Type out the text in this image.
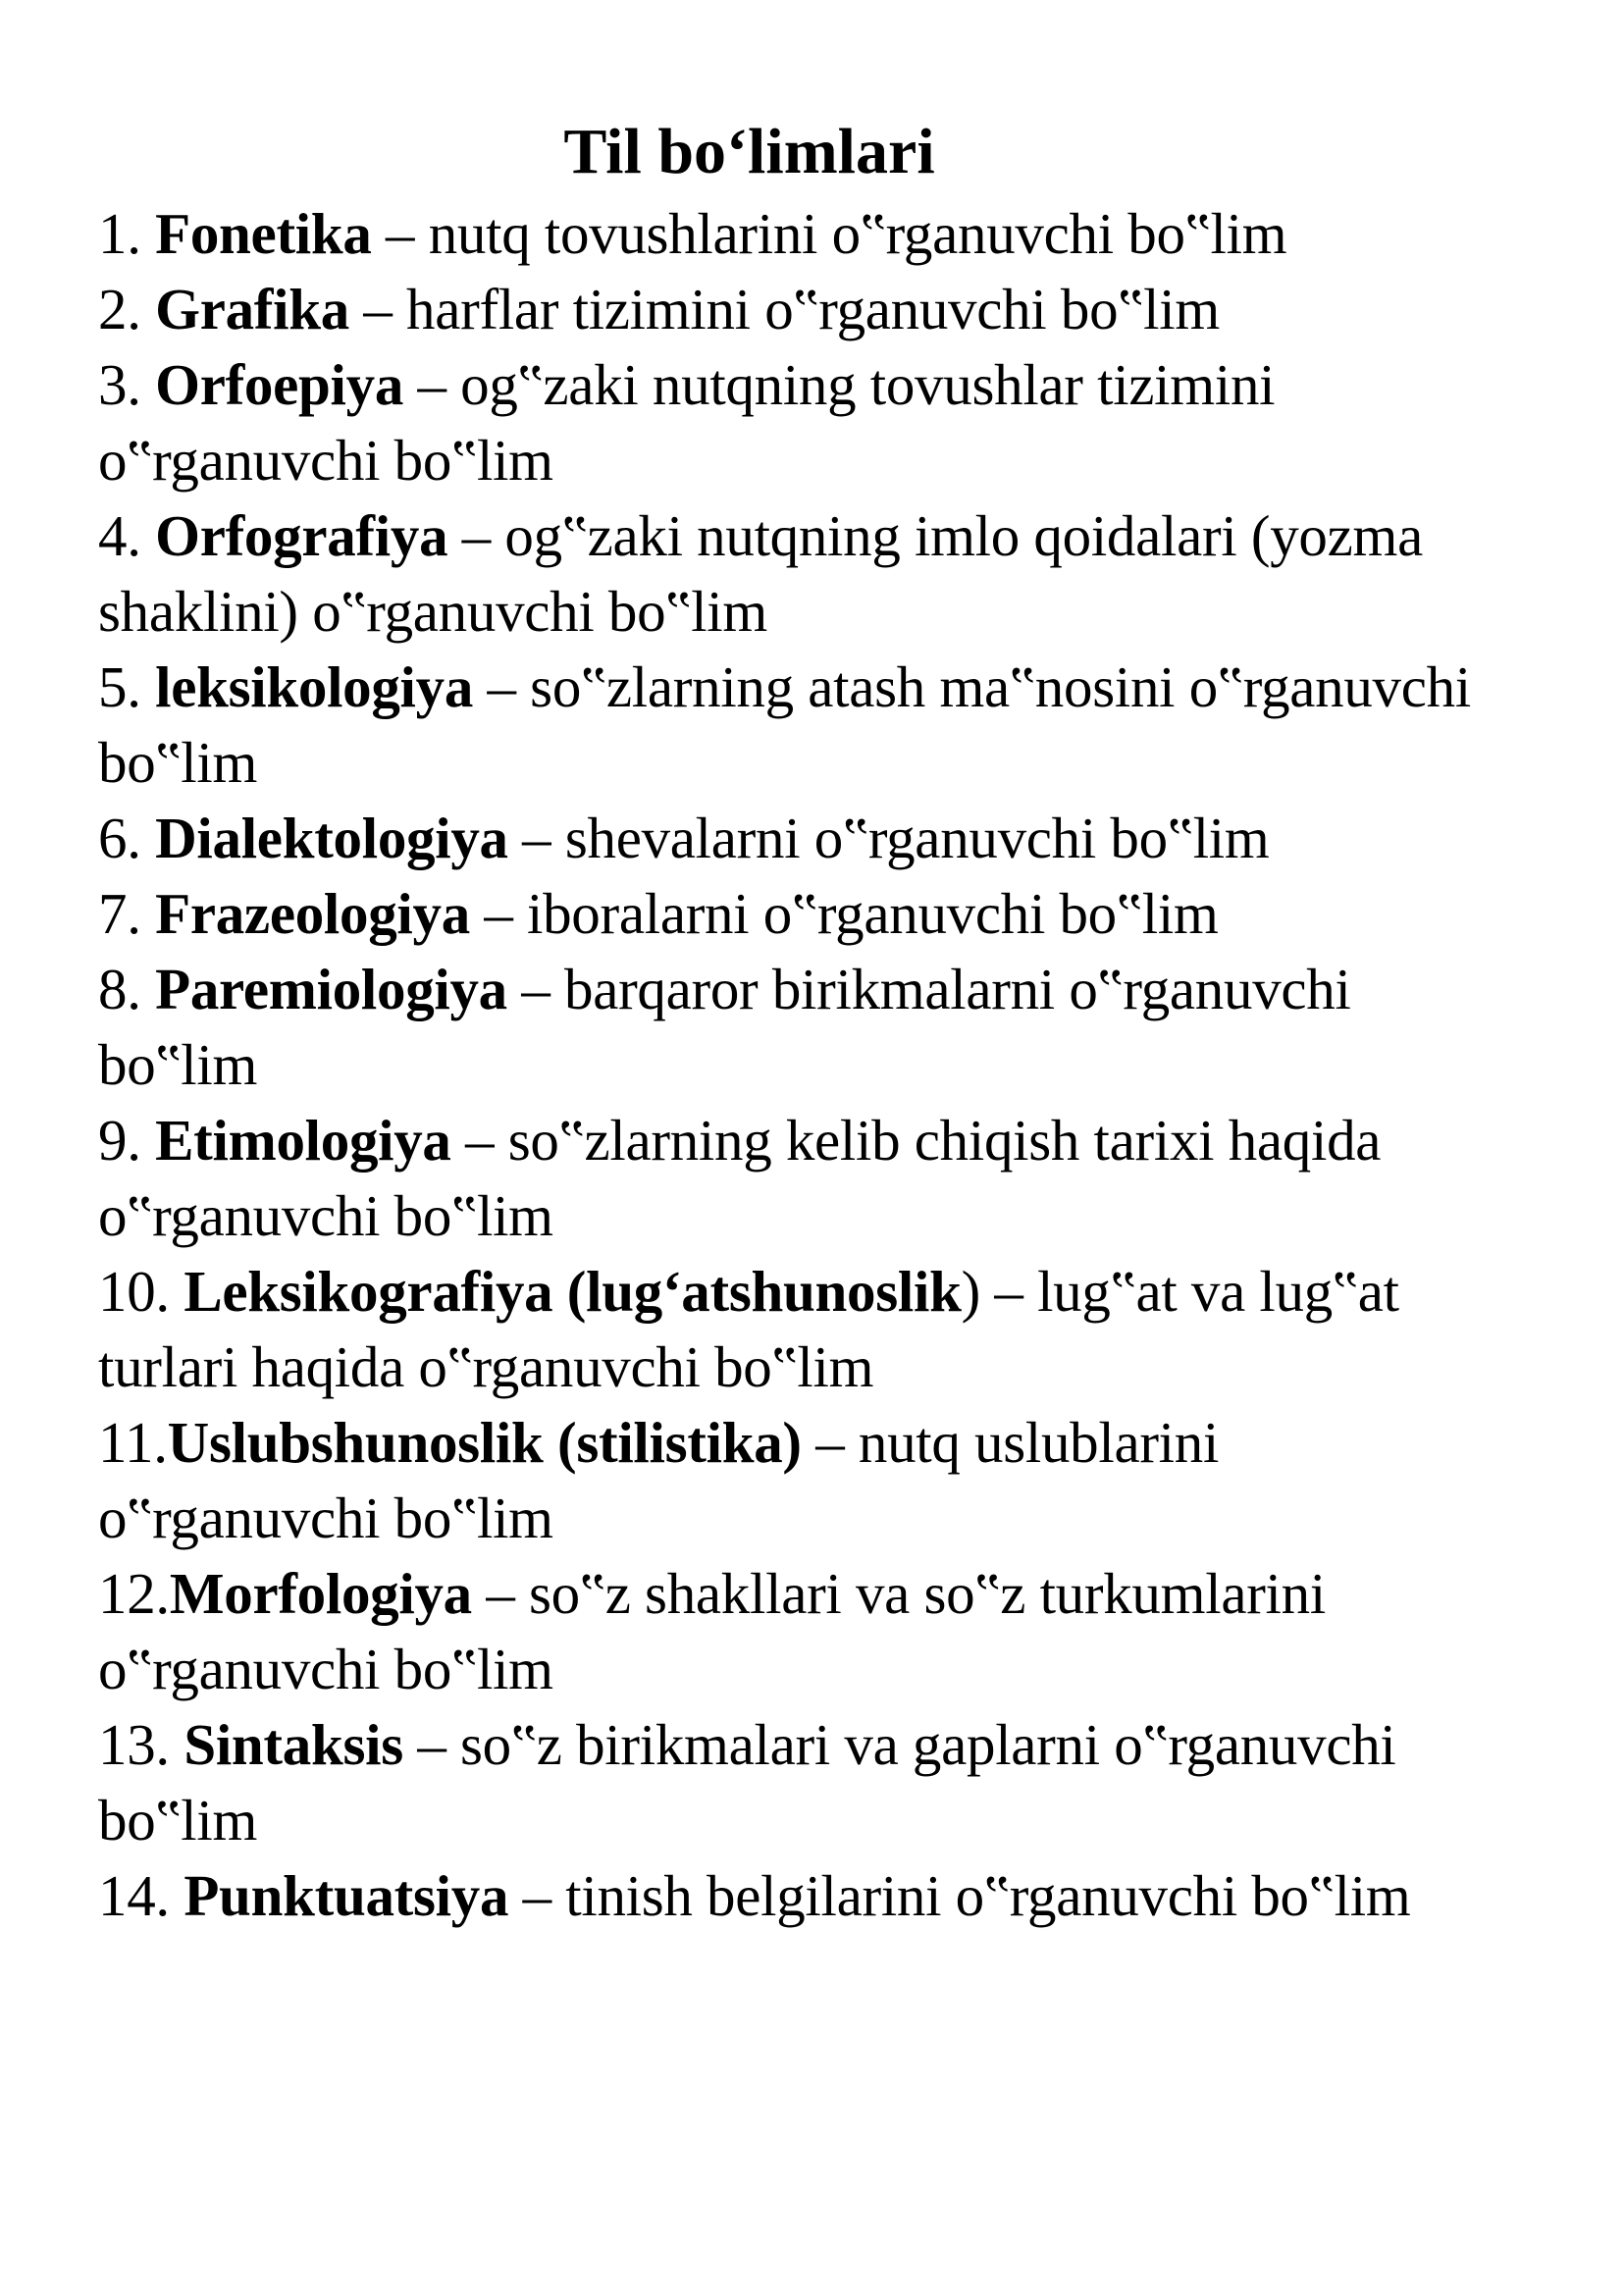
Til bo‘limlari

1. Fonetika – nutq tovushlarini o‟rganuvchi bo‟lim

2. Grafika – harflar tizimini o‟rganuvchi bo‟lim

3. Orfoepiya – og‟zaki nutqning tovushlar tizimini o‟rganuvchi bo‟lim

4. Orfografiya – og‟zaki nutqning imlo qoidalari (yozma shaklini) o‟rganuvchi bo‟lim

5. leksikologiya – so‟zlarning atash ma‟nosini o‟rganuvchi bo‟lim

6. Dialektologiya – shevalarni o‟rganuvchi bo‟lim

7. Frazeologiya – iboralarni o‟rganuvchi bo‟lim

8. Paremiologiya – barqaror birikmalarni o‟rganuvchi bo‟lim

9. Etimologiya – so‟zlarning kelib chiqish tarixi haqida o‟rganuvchi bo‟lim

10. Leksikografiya (lug‘atshunoslik) – lug‟at va lug‟at turlari haqida o‟rganuvchi bo‟lim

11.Uslubshunoslik (stilistika) – nutq uslublarini o‟rganuvchi bo‟lim

12.Morfologiya – so‟z shakllari va so‟z turkumlarini o‟rganuvchi bo‟lim

13. Sintaksis – so‟z birikmalari va gaplarni o‟rganuvchi bo‟lim

14. Punktuatsiya – tinish belgilarini o‟rganuvchi bo‟lim
